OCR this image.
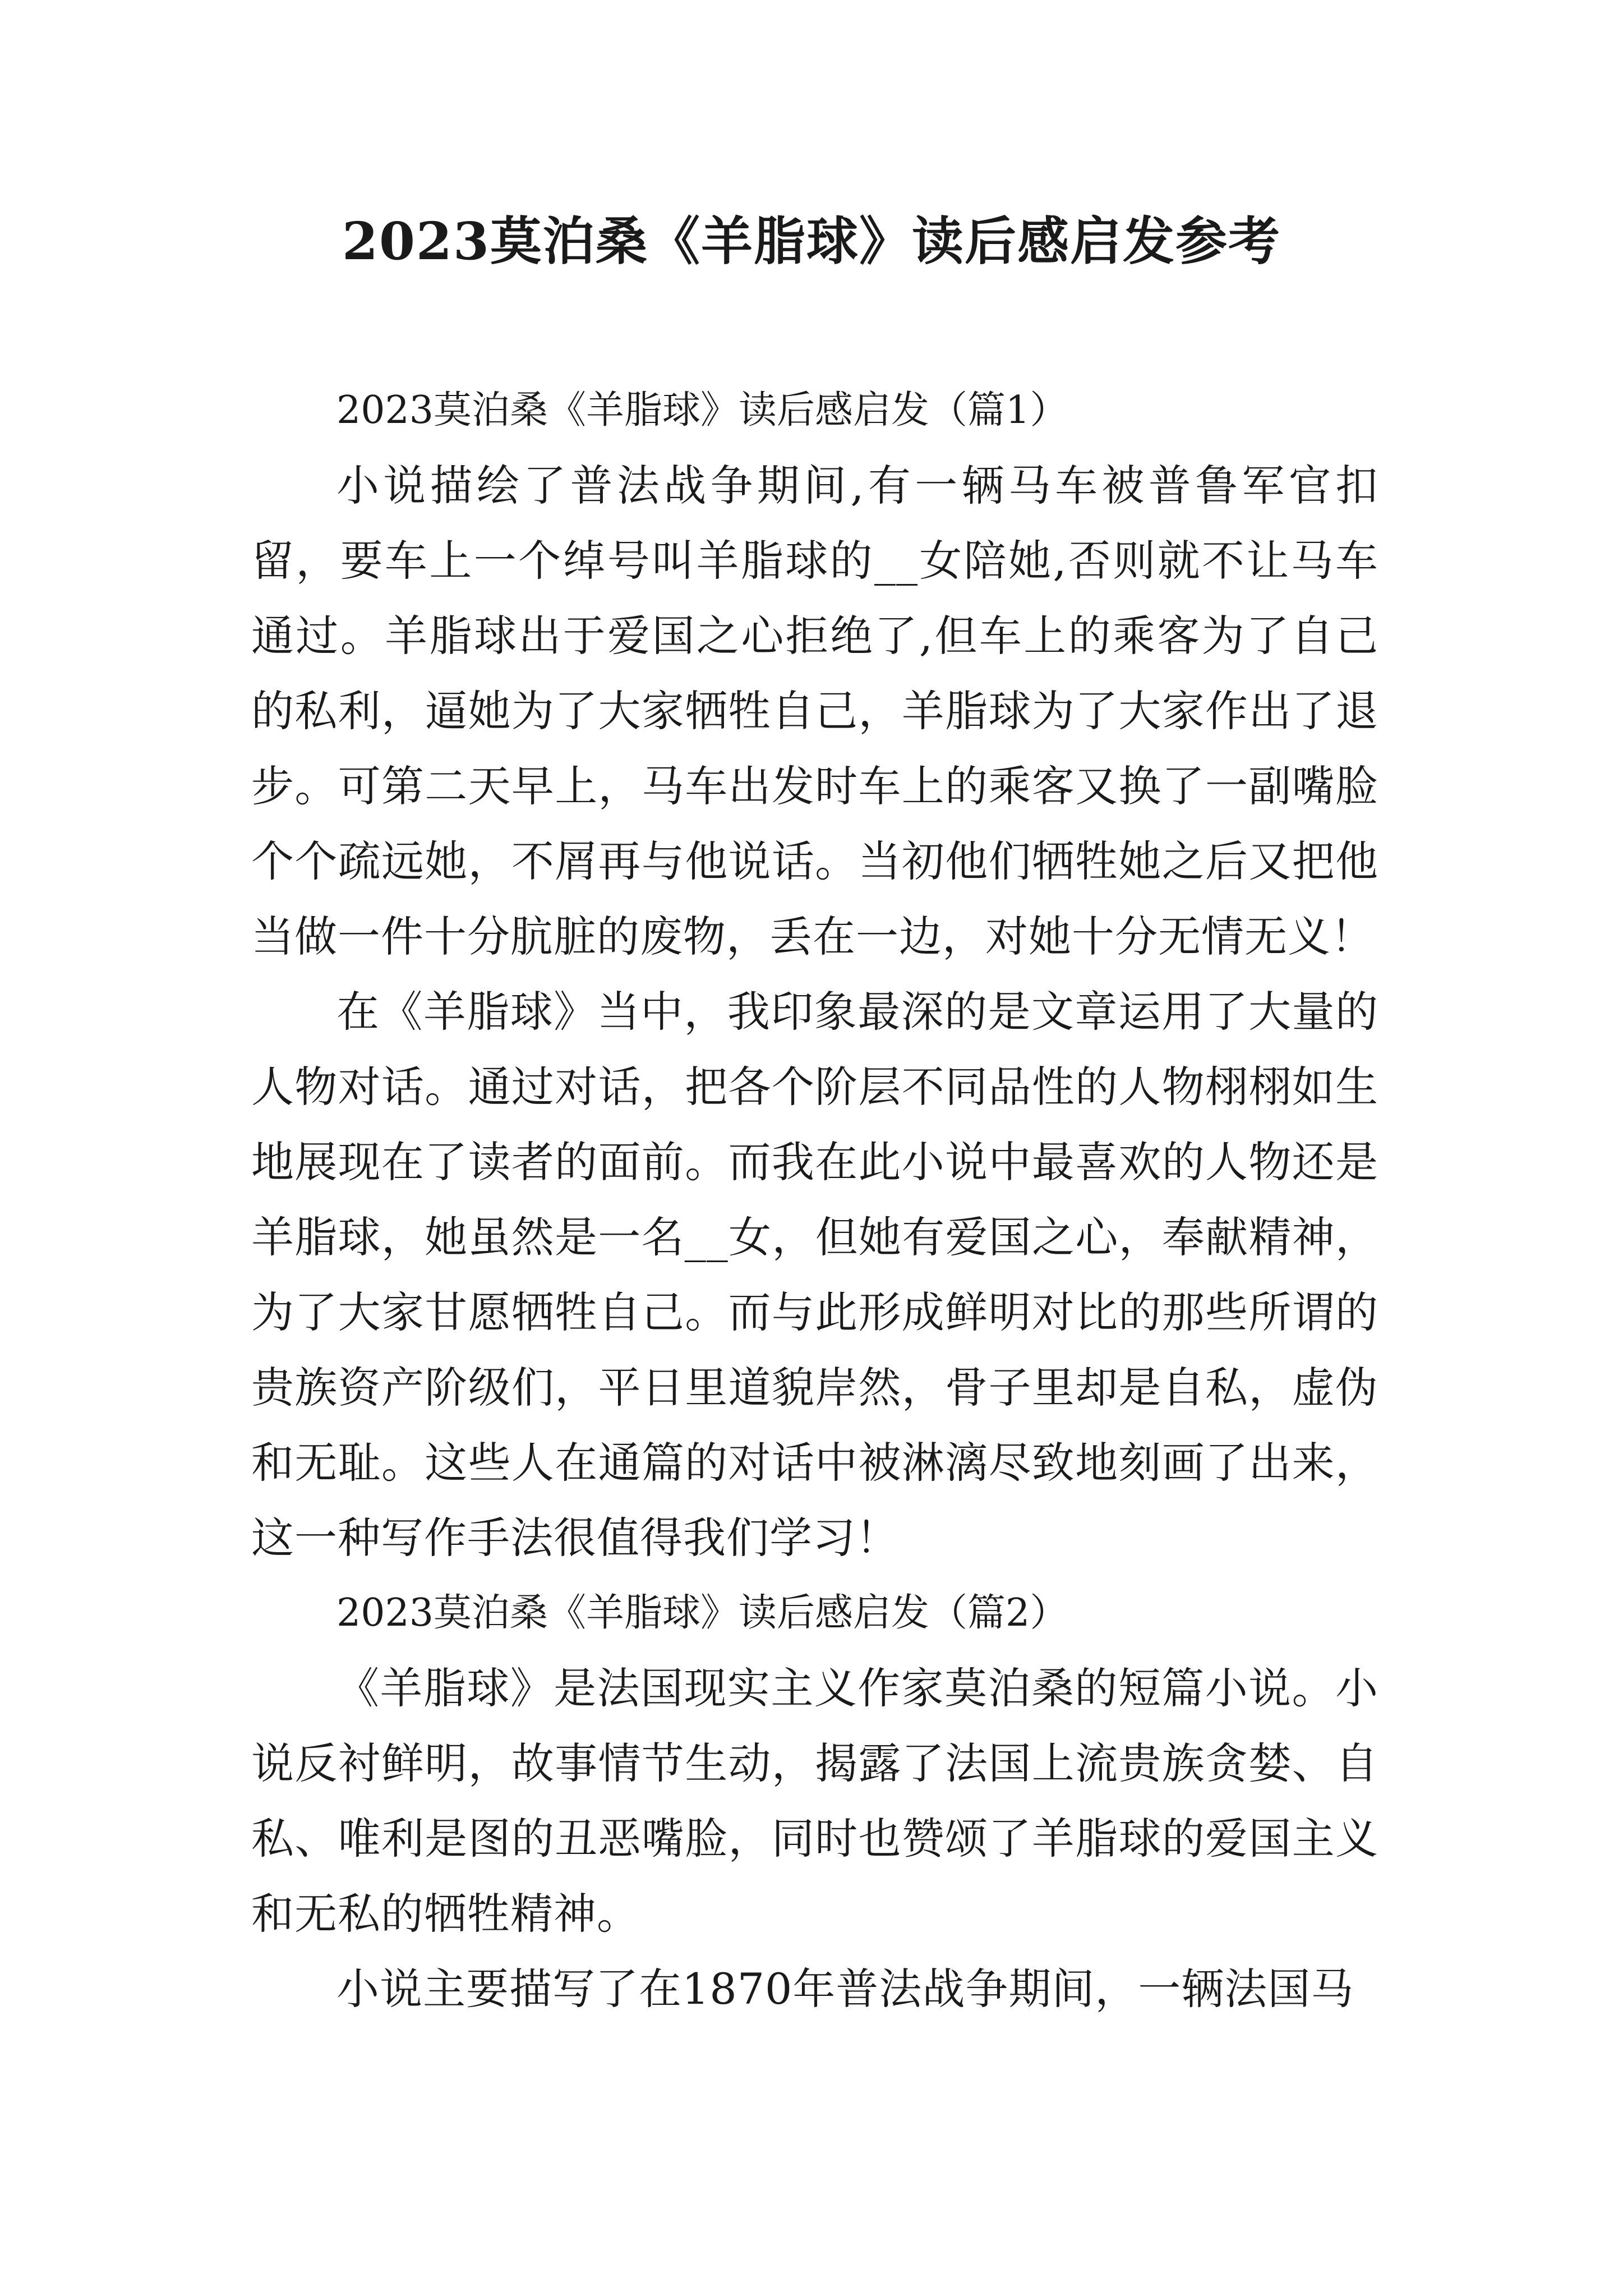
2023莫泊桑《羊脂球》读后感启发参考

2023莫泊桑《羊脂球》读后感启发（篇1）

小说描绘了普法战争期间,有一辆马车被普鲁军官扣留，要车上一个绰号叫羊脂球的__女陪她,否则就不让马车通过。羊脂球出于爱国之心拒绝了,但车上的乘客为了自己的私利，逼她为了大家牺牲自己，羊脂球为了大家作出了退步。可第二天早上，马车出发时车上的乘客又换了一副嘴脸个个疏远她，不屑再与他说话。当初他们牺牲她之后又把他当做一件十分肮脏的废物，丢在一边，对她十分无情无义！

在《羊脂球》当中，我印象最深的是文章运用了大量的人物对话。通过对话，把各个阶层不同品性的人物栩栩如生地展现在了读者的面前。而我在此小说中最喜欢的人物还是羊脂球，她虽然是一名__女，但她有爱国之心，奉献精神，为了大家甘愿牺牲自己。而与此形成鲜明对比的那些所谓的贵族资产阶级们，平日里道貌岸然，骨子里却是自私，虚伪和无耻。这些人在通篇的对话中被淋漓尽致地刻画了出来，这一种写作手法很值得我们学习！

2023莫泊桑《羊脂球》读后感启发（篇2）

《羊脂球》是法国现实主义作家莫泊桑的短篇小说。小说反衬鲜明，故事情节生动，揭露了法国上流贵族贪婪、自私、唯利是图的丑恶嘴脸，同时也赞颂了羊脂球的爱国主义和无私的牺牲精神。

小说主要描写了在1870年普法战争期间，一辆法国马
